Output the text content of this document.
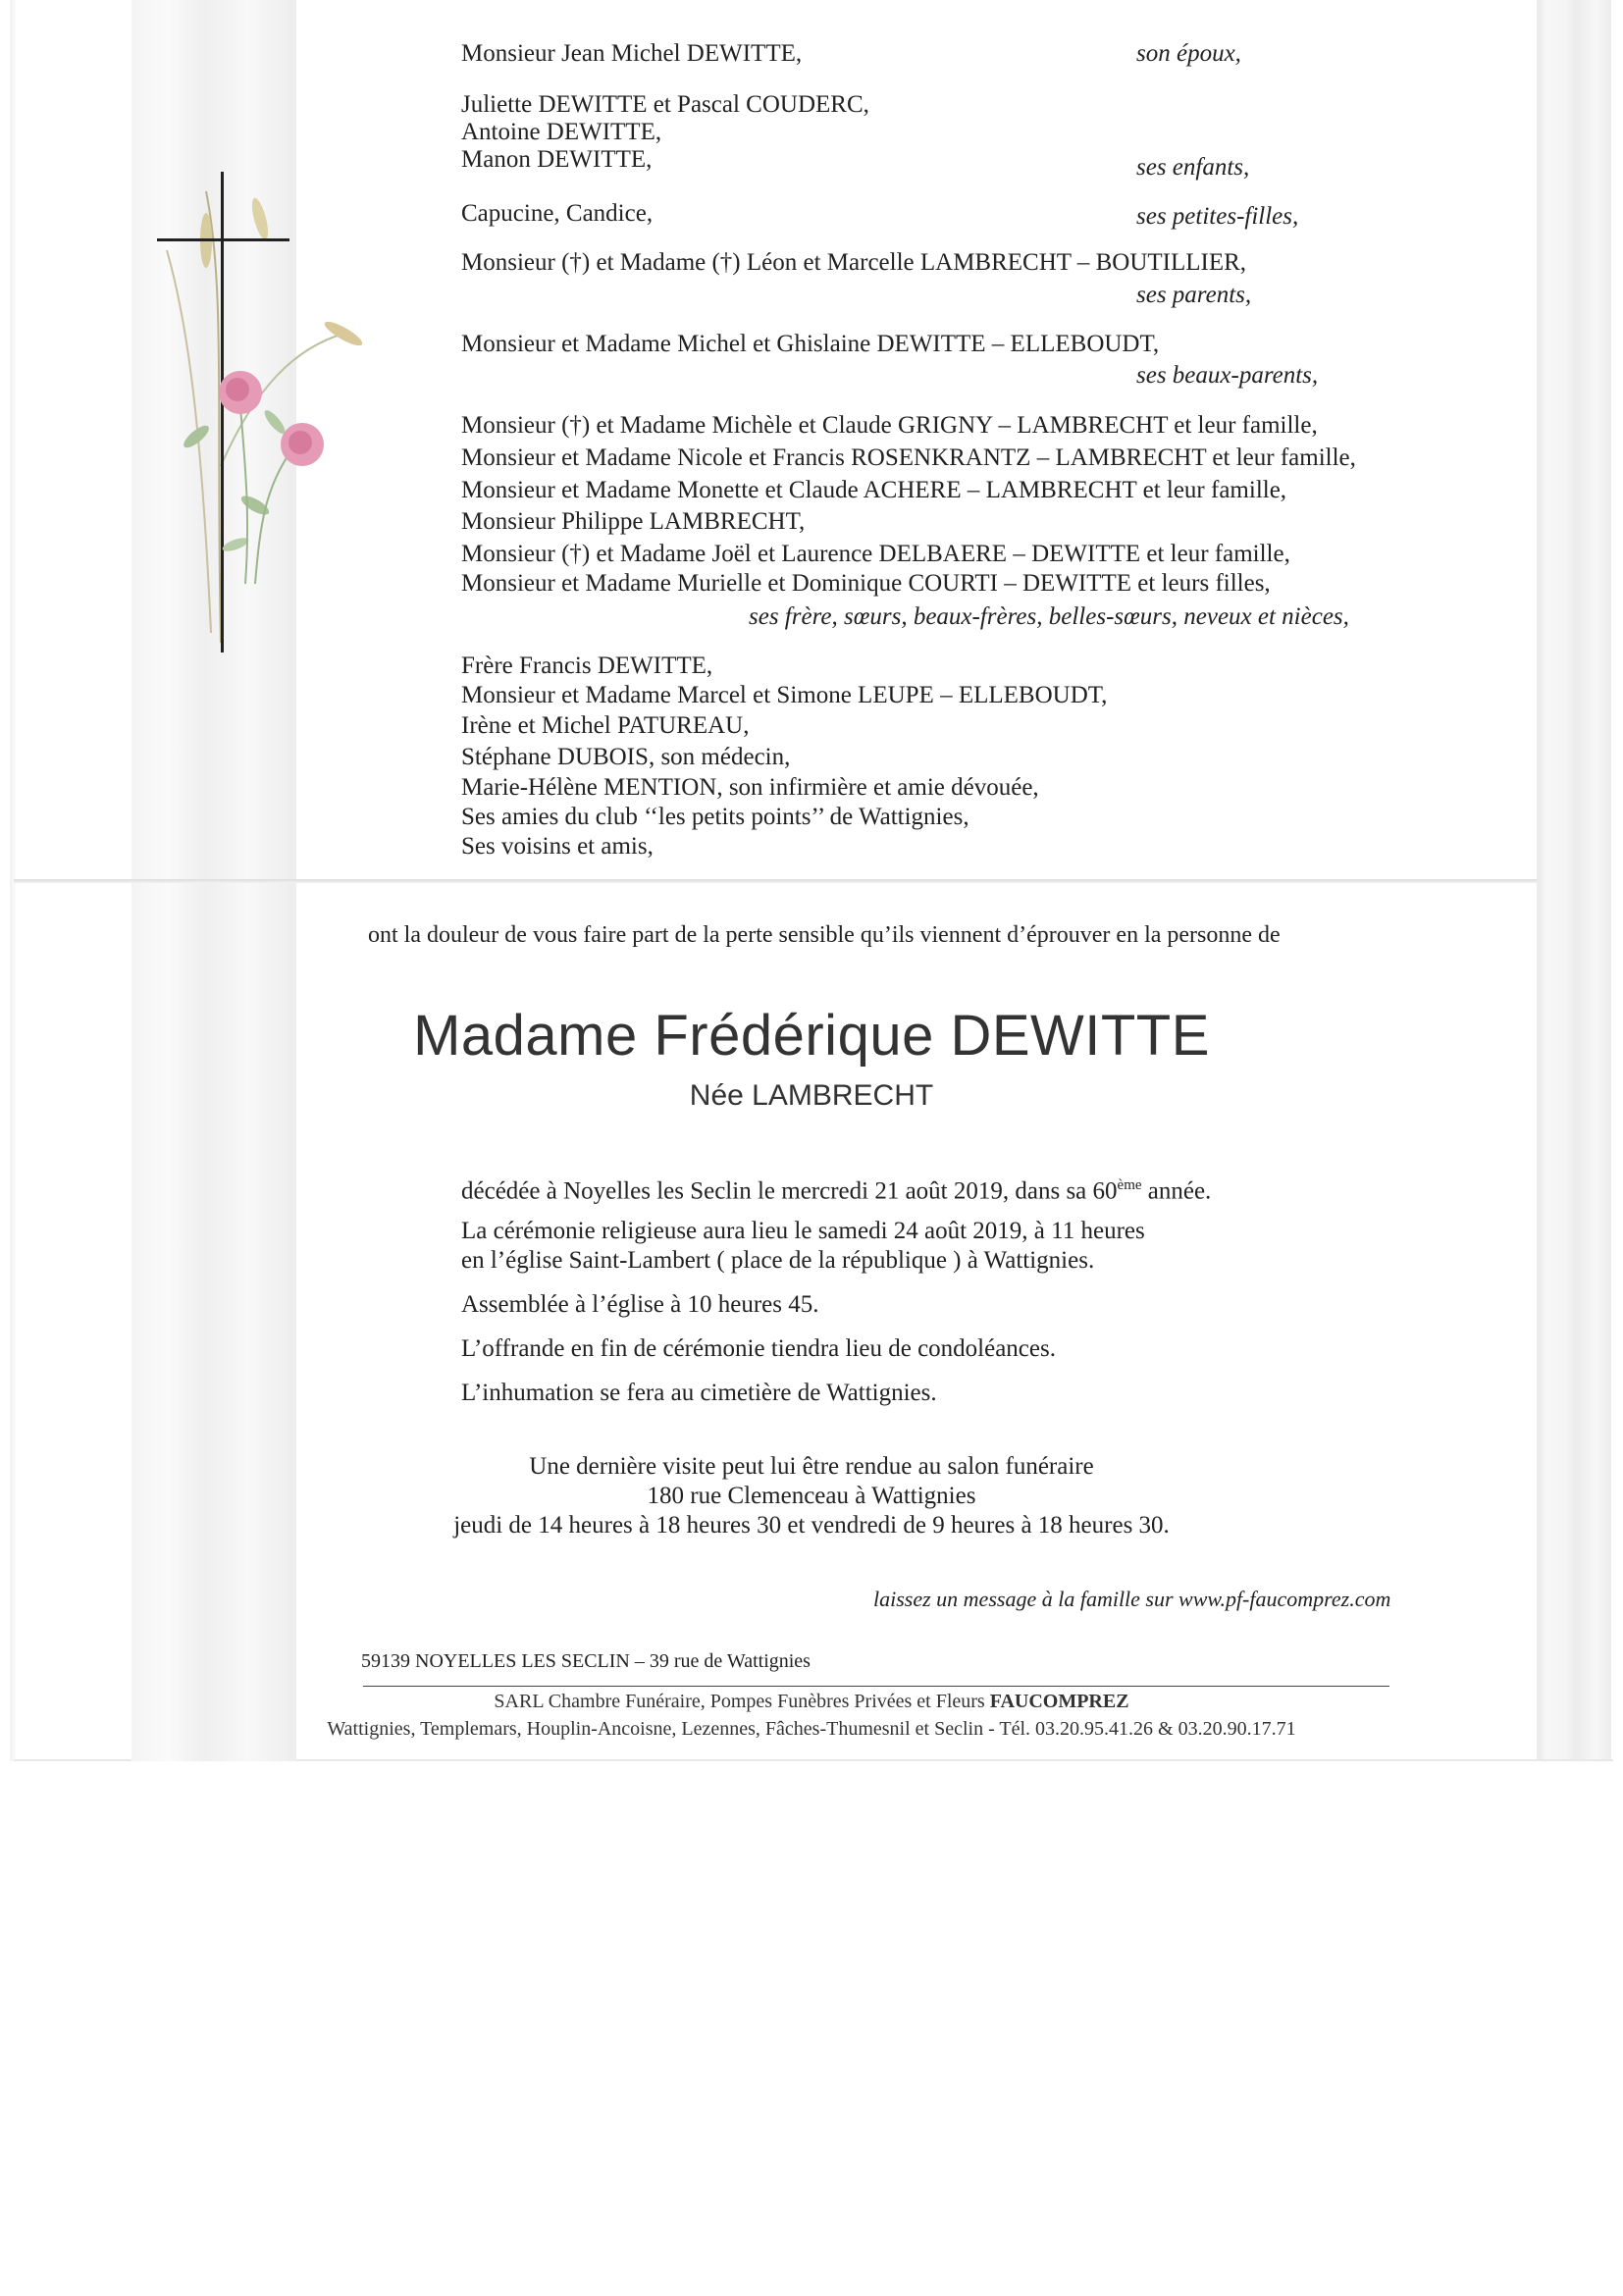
Monsieur Jean Michel DEWITTE,	son époux,
Juliette DEWITTE et Pascal COUDERC,
Antoine DEWITTE,
Manon DEWITTE,	ses enfants,
Capucine, Candice,	ses petites-filles,
Monsieur (†) et Madame (†) Léon et Marcelle LAMBRECHT – BOUTILLIER,
ses parents,
Monsieur et Madame Michel et Ghislaine DEWITTE – ELLEBOUDT,
ses beaux-parents,
Monsieur (†) et Madame Michèle et Claude GRIGNY – LAMBRECHT et leur famille,
Monsieur et Madame Nicole et Francis ROSENKRANTZ – LAMBRECHT et leur famille,
Monsieur et Madame Monette et Claude ACHERE – LAMBRECHT et leur famille,
Monsieur Philippe LAMBRECHT,
Monsieur (†) et Madame Joël et Laurence DELBAERE – DEWITTE et leur famille,
Monsieur et Madame Murielle et Dominique COURTI – DEWITTE et leurs filles,
ses frère, sœurs, beaux-frères, belles-sœurs, neveux et nièces,
Frère Francis DEWITTE,
Monsieur et Madame Marcel et Simone LEUPE – ELLEBOUDT,
Irène et Michel PATUREAU,
Stéphane DUBOIS, son médecin,
Marie-Hélène MENTION, son infirmière et amie dévouée,
Ses amies du club ‘‘les petits points’’ de Wattignies,
Ses voisins et amis,
ont la douleur de vous faire part de la perte sensible qu’ils viennent d’éprouver en la personne de
Madame Frédérique DEWITTE
Née LAMBRECHT
décédée à Noyelles les Seclin le mercredi 21 août 2019, dans sa 60ème année.
La cérémonie religieuse aura lieu le samedi 24 août 2019, à 11 heures
en l’église Saint-Lambert ( place de la république ) à Wattignies.
Assemblée à l’église à 10 heures 45.
L’offrande en fin de cérémonie tiendra lieu de condoléances.
L’inhumation se fera au cimetière de Wattignies.
Une dernière visite peut lui être rendue au salon funéraire
180 rue Clemenceau à Wattignies
jeudi de 14 heures à 18 heures 30 et vendredi de 9 heures à 18 heures 30.
laissez un message à la famille sur www.pf-faucomprez.com
59139 NOYELLES LES SECLIN – 39 rue de Wattignies
SARL Chambre Funéraire, Pompes Funèbres Privées et Fleurs FAUCOMPREZ
Wattignies, Templemars, Houplin-Ancoisne, Lezennes, Fâches-Thumesnil et Seclin - Tél. 03.20.95.41.26 & 03.20.90.17.71
